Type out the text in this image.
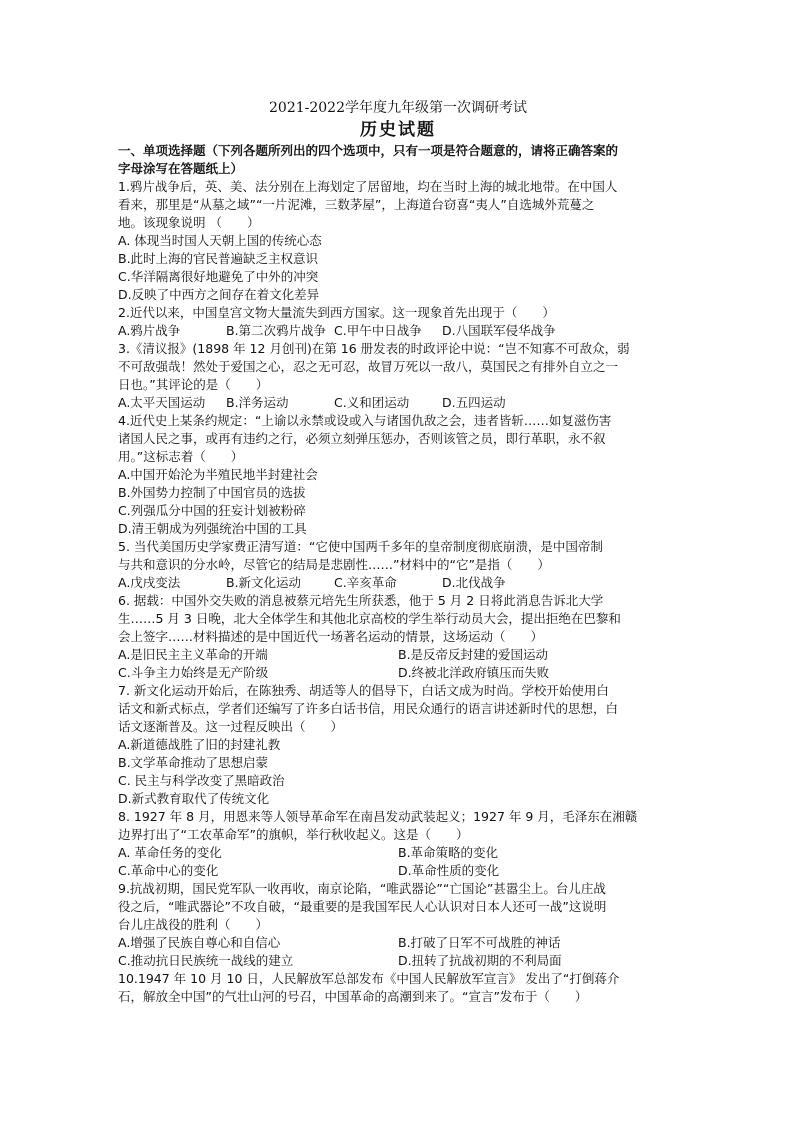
2021-2022学年度九年级第一次调研考试
历史试题
一、单项选择题（下列各题所列出的四个选项中，只有一项是符合题意的，请将正确答案的
字母涂写在答题纸上）
1.鸦片战争后，英、美、法分别在上海划定了居留地，均在当时上海的城北地带。在中国人
看来，那里是“从墓之域”“一片泥滩，三数茅屋”，上海道台窃喜“夷人”自选城外荒蔓之
地。该现象说明 （　　）
A. 体现当时国人天朝上国的传统心态
B.此时上海的官民普遍缺乏主权意识
C.华洋隔离很好地避免了中外的冲突
D.反映了中西方之间存在着文化差异
2.近代以来，中国皇宫文物大量流失到西方国家。这一现象首先出现于（　　）
A.鸦片战争	B.第二次鸦片战争 C.甲午中日战争 D.八国联军侵华战争
3.《清议报》(1898 年 12 月创刊)在第 16 册发表的时政评论中说：“岂不知寡不可敌众，弱
不可敌强哉！然处于爱国之心，忍之无可忍，故冒万死以一敌八，莫国民之有排外自立之一
日也。”其评论的是（　　）
A.太平天国运动 B.洋务运动	C.义和团运动	D.五四运动
4.近代史上某条约规定：“上谕以永禁或设或入与诸国仇敌之会，违者皆斩……如复滋伤害
诸国人民之事，或再有违约之行，必须立刻弹压惩办，否则该管之员，即行革职，永不叙
用。”这标志着（　　）
A.中国开始沦为半殖民地半封建社会
B.外国势力控制了中国官员的选拔
C.列强瓜分中国的狂妄计划被粉碎
D.清王朝成为列强统治中国的工具
5. 当代美国历史学家费正清写道：“它使中国两千多年的皇帝制度彻底崩溃，是中国帝制
与共和意识的分水岭，尽管它的结局是悲剧性……”材料中的“它”是指（　　）
A.戊戌变法	B.新文化运动	C.辛亥革命	D.北伐战争
6. 据载：中国外交失败的消息被蔡元培先生所获悉，他于 5 月 2 日将此消息告诉北大学
生……5 月 3 日晚，北大全体学生和其他北京高校的学生举行动员大会，提出拒绝在巴黎和
会上签字……材料描述的是中国近代一场著名运动的情景，这场运动（　　）
A.是旧民主主义革命的开端	B.是反帝反封建的爱国运动
C.斗争主力始终是无产阶级	D.终被北洋政府镇压而失败
7. 新文化运动开始后，在陈独秀、胡适等人的倡导下，白话文成为时尚。学校开始使用白
话文和新式标点，学者们还编写了许多白话书信，用民众通行的语言讲述新时代的思想，白
话文逐渐普及。这一过程反映出（　　）
A.新道德战胜了旧的封建礼教
B.文学革命推动了思想启蒙
C. 民主与科学改变了黑暗政治
D.新式教育取代了传统文化
8. 1927 年 8 月，用恩来等人领导革命军在南昌发动武装起义；1927 年 9 月，毛泽东在湘赣
边界打出了“工农革命军”的旗帜，举行秋收起义。这是（　　）
A. 革命任务的变化	B.革命策略的变化
C.革命中心的变化	D.革命性质的变化
9.抗战初期，国民党军队一收再收，南京论陷，“唯武器论”“亡国论”甚嚣尘上。台儿庄战
役之后，“唯武器论”不攻自破，“最重要的是我国军民人心认识对日本人还可一战”这说明
台儿庄战役的胜利（　　）
A.增强了民族自尊心和自信心	B.打破了日军不可战胜的神话
C.推动抗日民族统一战线的建立	D.扭转了抗战初期的不利局面
10.1947 年 10 月 10 日，人民解放军总部发布《中国人民解放军宣言》 发出了“打倒蒋介
石，解放全中国”的气壮山河的号召，中国革命的高潮到来了。“宣言”发布于（　　）
